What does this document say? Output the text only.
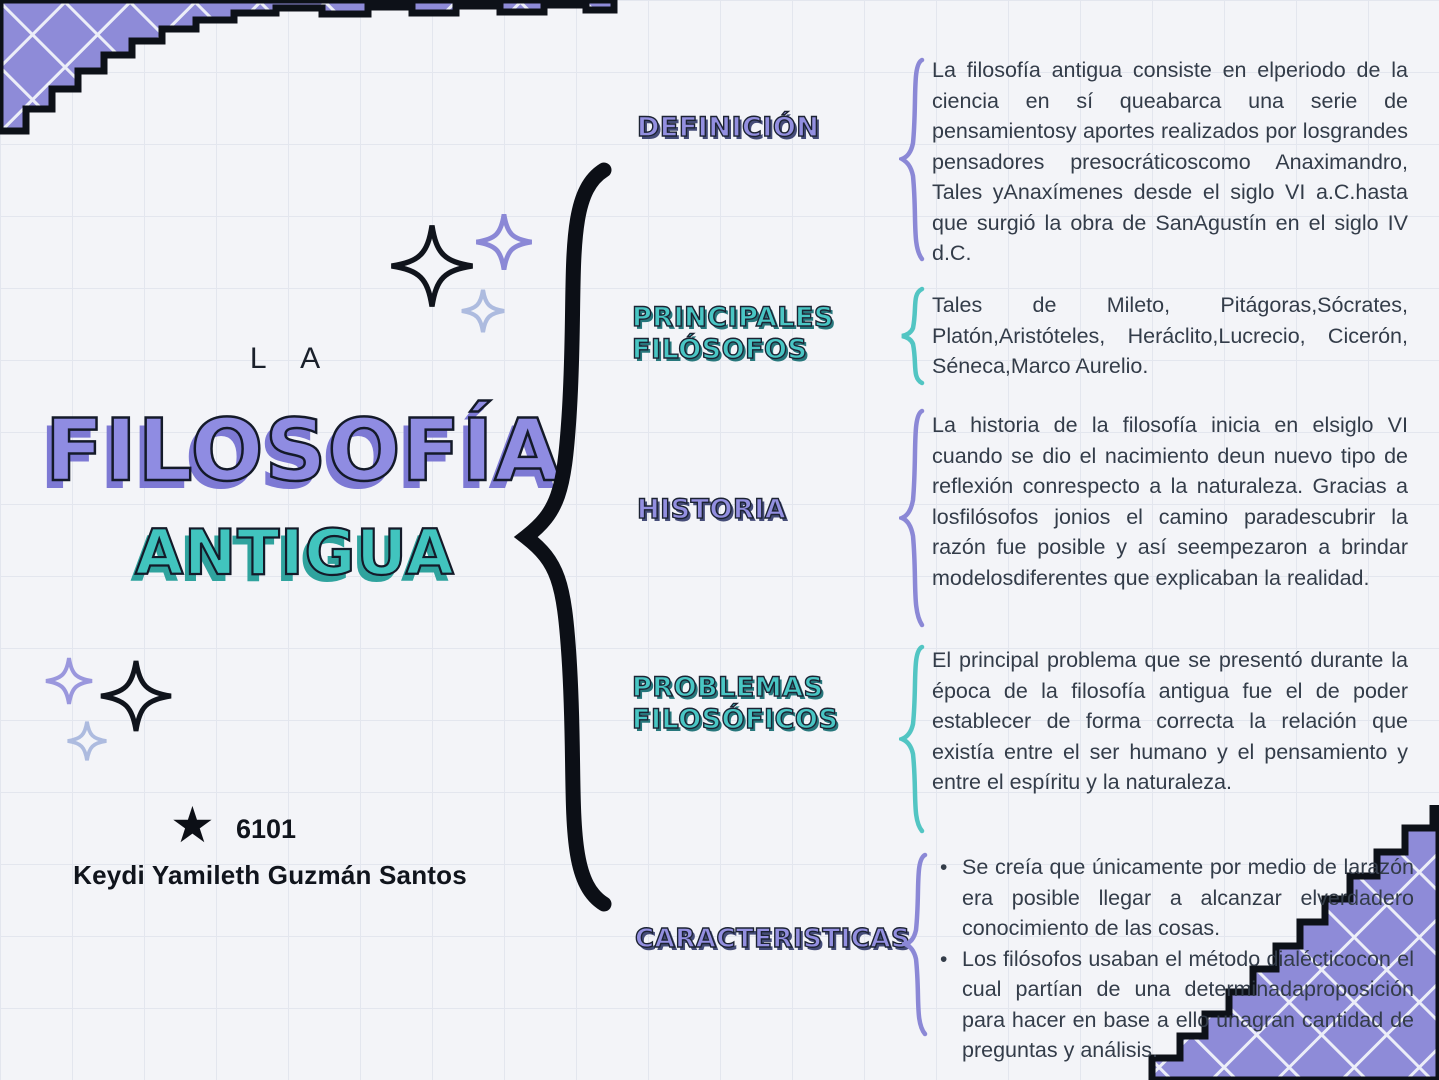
L A
FILOSOFÍA
ANTIGUA
★ 6101
Keydi Yamileth Guzmán Santos
DEFINICIÓN
La filosofía antigua consiste en elperiodo de la ciencia en sí queabarca una serie de pensamientosy aportes realizados por losgrandes pensadores presocráticoscomo Anaximandro, Tales yAnaxímenes desde el siglo VI a.C.hasta que surgió la obra de SanAgustín en el siglo IV d.C.
PRINCIPALES FILÓSOFOS
Tales de Mileto, Pitágoras,Sócrates, Platón,Aristóteles, Heráclito,Lucrecio, Cicerón, Séneca,Marco Aurelio.
HISTORIA
La historia de la filosofía inicia en elsiglo VI cuando se dio el nacimiento deun nuevo tipo de reflexión conrespecto a la naturaleza. Gracias a losfilósofos jonios el camino paradescubrir la razón fue posible y así seempezaron a brindar modelosdiferentes que explicaban la realidad.
PROBLEMAS FILOSÓFICOS
El principal problema que se presentó durante la época de la filosofía antigua fue el de poder establecer de forma correcta la relación que existía entre el ser humano y el pensamiento y entre el espíritu y la naturaleza.
CARACTERISTICAS
• Se creía que únicamente por medio de larazón era posible llegar a alcanzar elverdadero conocimiento de las cosas.
• Los filósofos usaban el método dialécticocon el cual partían de una determinadaproposición para hacer en base a ello unagran cantidad de preguntas y análisis.
